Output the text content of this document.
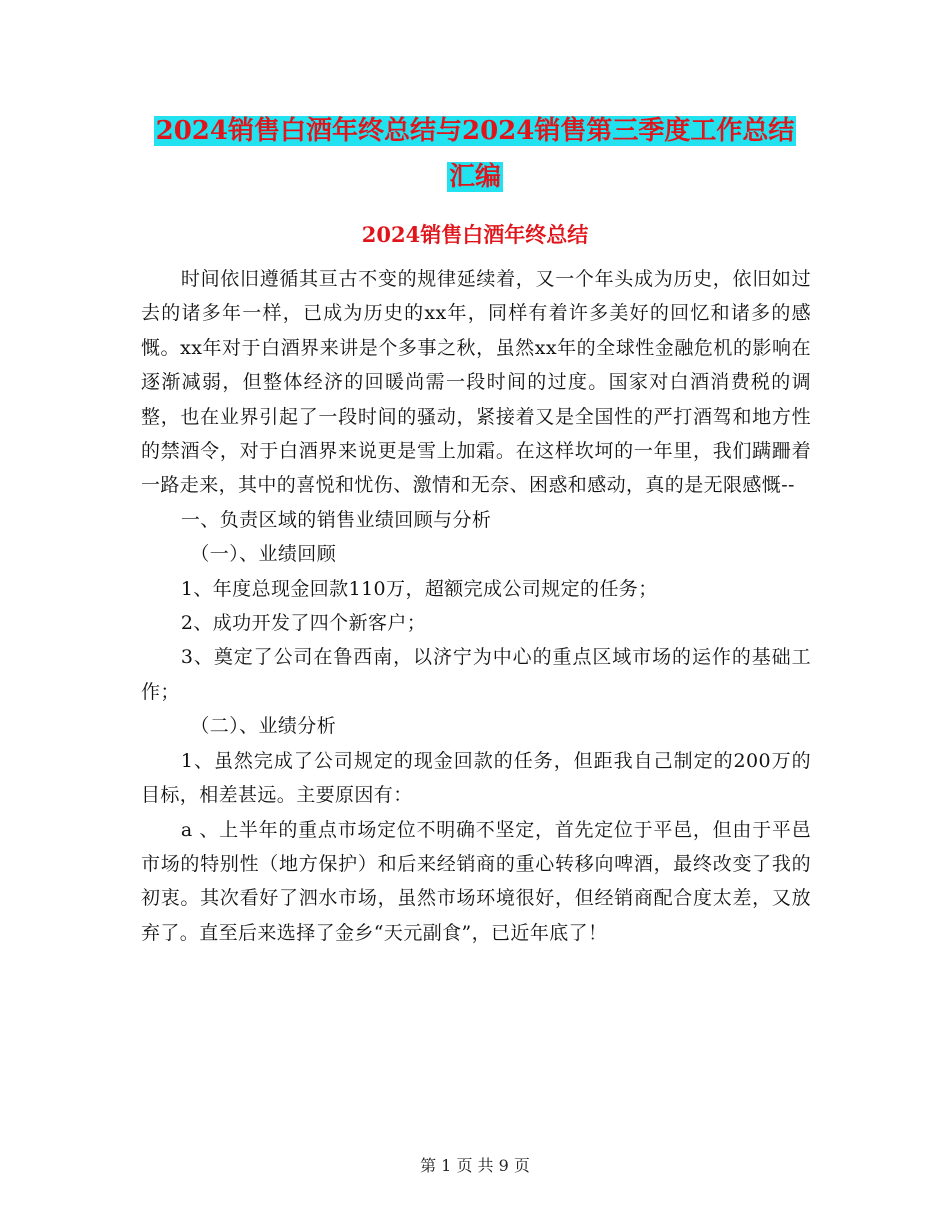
2024销售白酒年终总结与2024销售第三季度工作总结
汇编
2024销售白酒年终总结

时间依旧遵循其亘古不变的规律延续着，又一个年头成为历史，依旧如过去的诸多年一样，已成为历史的xx年，同样有着许多美好的回忆和诸多的感慨。xx年对于白酒界来讲是个多事之秋，虽然xx年的全球性金融危机的影响在逐渐减弱，但整体经济的回暖尚需一段时间的过度。国家对白酒消费税的调整，也在业界引起了一段时间的骚动，紧接着又是全国性的严打酒驾和地方性的禁酒令，对于白酒界来说更是雪上加霜。在这样坎坷的一年里，我们蹒跚着一路走来，其中的喜悦和忧伤、激情和无奈、困惑和感动，真的是无限感慨--

一、负责区域的销售业绩回顾与分析

（一）、业绩回顾

1、年度总现金回款110万，超额完成公司规定的任务；

2、成功开发了四个新客户；

3、奠定了公司在鲁西南，以济宁为中心的重点区域市场的运作的基础工作；

（二）、业绩分析

1、虽然完成了公司规定的现金回款的任务，但距我自己制定的200万的目标，相差甚远。主要原因有：

a 、上半年的重点市场定位不明确不坚定，首先定位于平邑，但由于平邑市场的特别性（地方保护）和后来经销商的重心转移向啤酒，最终改变了我的初衷。其次看好了泗水市场，虽然市场环境很好，但经销商配合度太差，又放弃了。直至后来选择了金乡“天元副食”，已近年底了！

第 1 页 共 9 页
